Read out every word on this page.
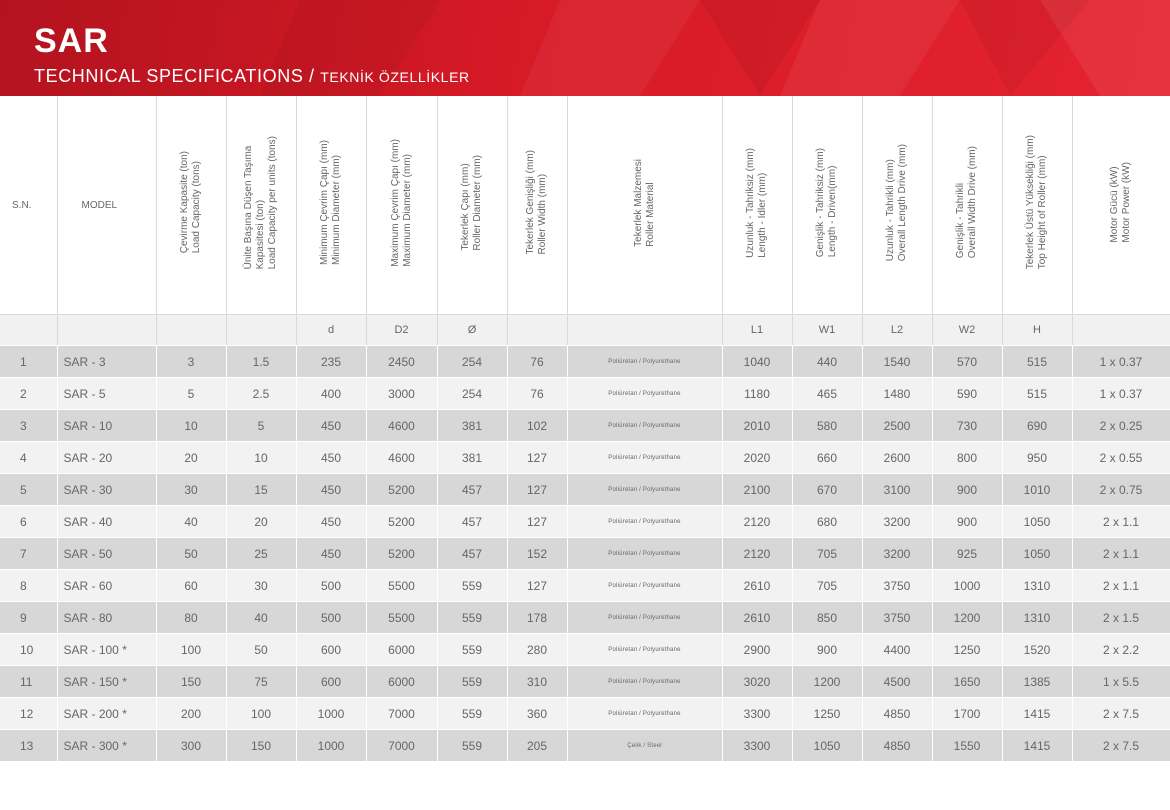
SAR
TECHNICAL SPECIFICATIONS / TEKNİK ÖZELLİKLER
S.N.	MODEL	Çevirme Kapasite (ton) Load Capacity (tons)	Ünite Başına Düşen Taşıma Kapasitesi (ton) Load Capacity per units (tons)	Minimum Çevrim Çapı (mm) Minimum Diameter (mm)	Maximum Çevrim Çapı (mm) Maximum Diameter (mm)	Tekerlek Çapı (mm) Roller Diameter (mm)	Tekerlek Genişliği (mm) Roller Width (mm)	Tekerlek Malzemesi Roller Material	Uzunluk - Tahriksiz (mm) Length - Idler (mm)	Genişlik - Tahriksiz (mm) Length - Driven(mm)	Uzunluk - Tahrikli (mm) Overall Length Drive (mm)	Genişlik - Tahrikli Overall Width Drive (mm)	Tekerlek Üstü Yüksekliği (mm) Top Height of Roller (mm)	Motor Gücü (kW) Motor Power (kW)

				d	D2	Ø			L1	W1	L2	W2	H	
1	SAR - 3	3	1.5	235	2450	254	76	Poliüretan / Polyurethane	1040	440	1540	570	515	1 x 0.37
2	SAR - 5	5	2.5	400	3000	254	76	Poliüretan / Polyurethane	1180	465	1480	590	515	1 x 0.37
3	SAR - 10	10	5	450	4600	381	102	Poliüretan / Polyurethane	2010	580	2500	730	690	2 x 0.25
4	SAR - 20	20	10	450	4600	381	127	Poliüretan / Polyurethane	2020	660	2600	800	950	2 x 0.55
5	SAR - 30	30	15	450	5200	457	127	Poliüretan / Polyurethane	2100	670	3100	900	1010	2 x 0.75
6	SAR - 40	40	20	450	5200	457	127	Poliüretan / Polyurethane	2120	680	3200	900	1050	2 x 1.1
7	SAR - 50	50	25	450	5200	457	152	Poliüretan / Polyurethane	2120	705	3200	925	1050	2 x 1.1
8	SAR - 60	60	30	500	5500	559	127	Poliüretan / Polyurethane	2610	705	3750	1000	1310	2 x 1.1
9	SAR - 80	80	40	500	5500	559	178	Poliüretan / Polyurethane	2610	850	3750	1200	1310	2 x 1.5
10	SAR - 100 *	100	50	600	6000	559	280	Poliüretan / Polyurethane	2900	900	4400	1250	1520	2 x 2.2
11	SAR - 150 *	150	75	600	6000	559	310	Poliüretan / Polyurethane	3020	1200	4500	1650	1385	1 x 5.5
12	SAR - 200 *	200	100	1000	7000	559	360	Poliüretan / Polyurethane	3300	1250	4850	1700	1415	2 x 7.5
13	SAR - 300 *	300	150	1000	7000	559	205	Çelik / Steel	3300	1050	4850	1550	1415	2 x 7.5
